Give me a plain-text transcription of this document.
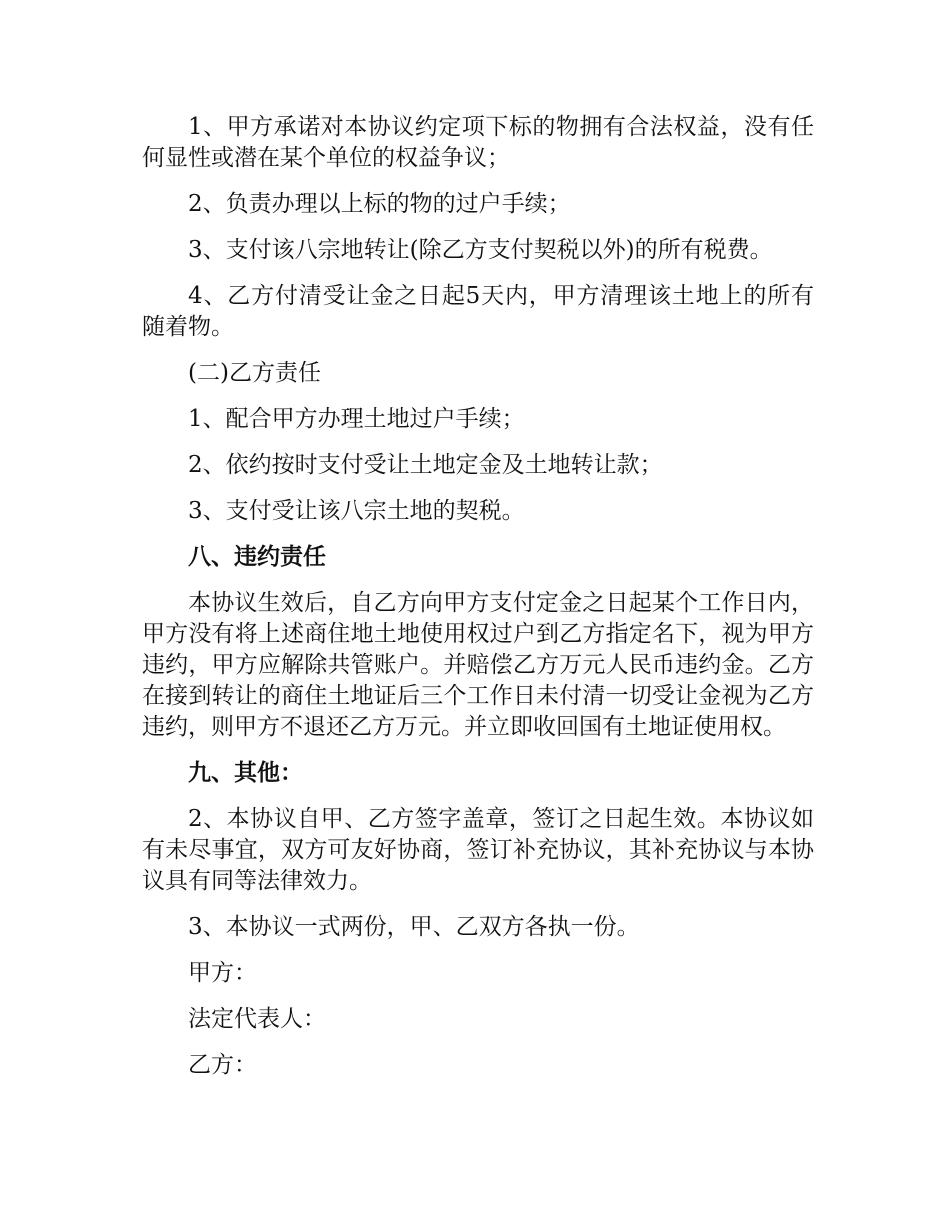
1、甲方承诺对本协议约定项下标的物拥有合法权益，没有任何显性或潜在某个单位的权益争议；

2、负责办理以上标的物的过户手续；

3、支付该八宗地转让(除乙方支付契税以外)的所有税费。

4、乙方付清受让金之日起5天内，甲方清理该土地上的所有随着物。

(二)乙方责任

1、配合甲方办理土地过户手续；

2、依约按时支付受让土地定金及土地转让款；

3、支付受让该八宗土地的契税。

八、违约责任

本协议生效后，自乙方向甲方支付定金之日起某个工作日内，甲方没有将上述商住地土地使用权过户到乙方指定名下，视为甲方违约，甲方应解除共管账户。并赔偿乙方万元人民币违约金。乙方在接到转让的商住土地证后三个工作日未付清一切受让金视为乙方违约，则甲方不退还乙方万元。并立即收回国有土地证使用权。

九、其他：

2、本协议自甲、乙方签字盖章，签订之日起生效。本协议如有未尽事宜，双方可友好协商，签订补充协议，其补充协议与本协议具有同等法律效力。

3、本协议一式两份，甲、乙双方各执一份。

甲方：

法定代表人：

乙方：
